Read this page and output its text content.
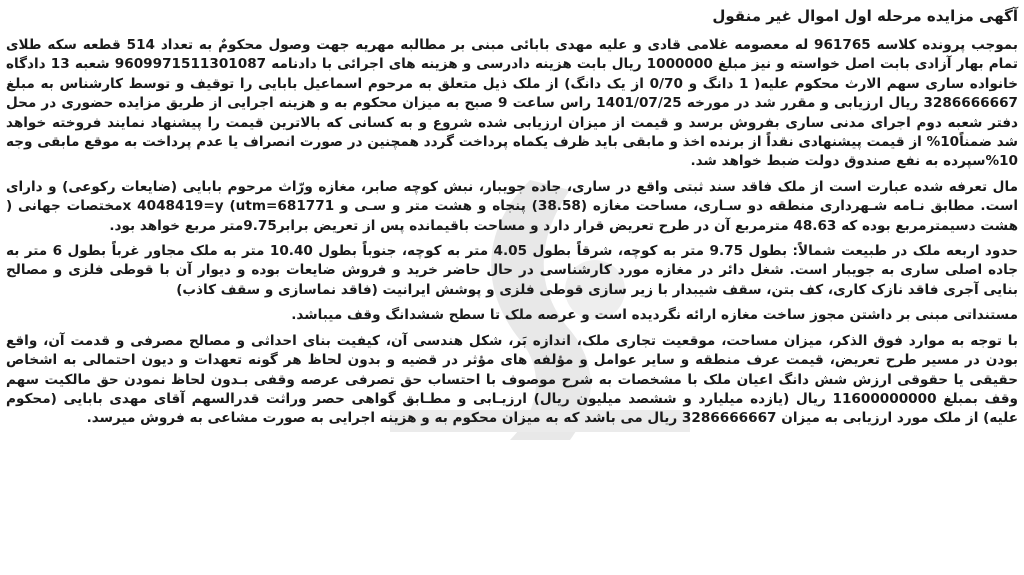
آگهی مزایده مرحله اول اموال غیر منقول
بموجب پرونده کلاسه 961765 له معصومه غلامی قادی و علیه مهدی بابائی مبنی بر مطالبه مهریه جهت وصول محکومٌ به تعداد 514 قطعه سکه طلای تمام بهار آزادی بابت اصل خواسته و نیز مبلغ 1000000 ریال بابت هزینه دادرسی و هزینه های اجرائی با دادنامه 9609971511301087 شعبه 13 دادگاه خانواده ساری سهم الارث محکوم علیه( 1 دانگ و 0/70 از یک دانگ) از ملک ذیل متعلق به مرحوم اسماعیل بابایی را توقیف و توسط کارشناس به مبلغ 3286666667 ریال ارزیابی و مقرر شد در مورخه 1401/07/25 راس ساعت 9 صبح به میزان محکوم به و هزینه اجرایی از طریق مزایده حضوری در محل دفتر شعبه دوم اجرای مدنی ساری بفروش برسد و قیمت از میزان ارزیابی شده شروع و به کسانی که بالاترین قیمت را پیشنهاد نمایند فروخته خواهد شد ضمناً10% از قیمت پیشنهادی نقداً از برنده اخذ و مابقی باید ظرف یکماه پرداخت گردد همچنین در صورت انصراف یا عدم پرداخت به موقع مابقی وجه 10%سپرده به نفع صندوق دولت ضبط خواهد شد.
مال تعرفه شده عبارت است از ملک فاقد سند ثبتی واقع در ساری، جاده جویبار، نبش کوچه صابر، مغازه ورّاث مرحوم بابایی (ضایعات رکوعی) و دارای است. مطابق نـامه شـهرداری منطقه دو سـاری، مساحت مغازه (38.58) پنجاه و هشت متر و سـی و 681771=x 4048419=y (utmمختصات جهانی ( هشت دسیمترمربع بوده که 48.63 مترمربع آن در طرح تعریض قرار دارد و مساحت باقیمانده پس از تعریض برابر9.75متر مربع خواهد بود.
حدود اربعه ملک در طبیعت شمالاً: بطول 9.75 متر به کوچه، شرقاً بطول 4.05 متر به کوچه، جنوباً بطول 10.40 متر به ملک مجاور غرباً بطول 6 متر به جاده اصلی ساری به جویبار است. شغل دائر در مغازه مورد کارشناسی در حال حاضر خرید و فروش ضایعات بوده و دیوار آن با قوطی فلزی و مصالح بنایی آجری فاقد نازک کاری، کف بتن، سقف شیبدار با زیر سازی قوطی فلزی و پوشش ایرانیت (فاقد نماسازی و سقف کاذب)
مستنداتی مبنی بر داشتن مجوز ساخت مغازه ارائه نگردیده است و عرصه ملک تا سطح ششدانگ وقف میباشد.
با توجه به موارد فوق الذکر، میزان مساحت، موقعیت تجاری ملک، اندازه بَر، شکل هندسی آن، کیفیت بنای احداثی و مصالح مصرفی و قدمت آن، واقع بودن در مسیر طرح تعریض، قیمت عرف منطقه و سایر عوامل و مؤلفه های مؤثر در قضیه و بدون لحاظ هر گونه تعهدات و دیون احتمالی به اشخاص حقیقی یا حقوقی ارزش شش دانگ اعیان ملک با مشخصات به شرح موصوف با احتساب حق تصرفی عرصه وقفی بـدون لحاظ نمودن حق مالکیت سهم وقف بمبلغ 11600000000 ریال (یازده میلیارد و ششصد میلیون ریال) ارزیـابی و مطـابق گواهی حصر وراثت قدرالسهم آقای مهدی بابایی (محکوم علیه) از ملک مورد ارزیابی به میزان 3286666667 ریال می باشد که به میزان محکوم به و هزینه اجرایی به صورت مشاعی به فروش میرسد.
